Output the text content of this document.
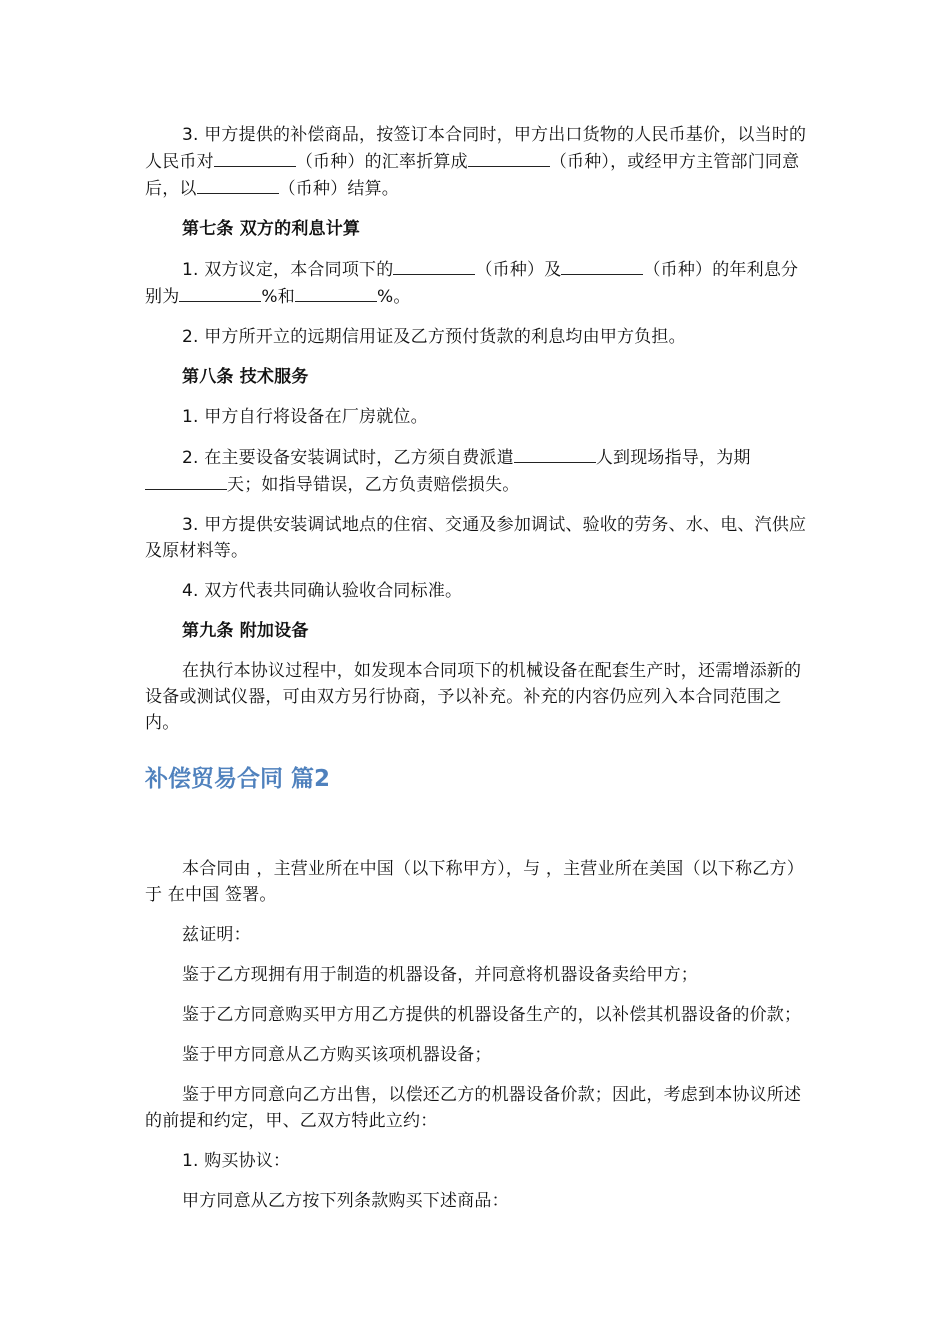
3. 甲方提供的补偿商品，按签订本合同时，甲方出口货物的人民币基价，以当时的人民币对	（币种）的汇率折算成	（币种），或经甲方主管部门同意后，以	（币种）结算。

第七条 双方的利息计算

1. 双方议定，本合同项下的	（币种）及	（币种）的年利息分别为	%和	%。

2. 甲方所开立的远期信用证及乙方预付货款的利息均由甲方负担。

第八条 技术服务

1. 甲方自行将设备在厂房就位。

2. 在主要设备安装调试时，乙方须自费派遣	人到现场指导，为期天；如指导错误，乙方负责赔偿损失。

3. 甲方提供安装调试地点的住宿、交通及参加调试、验收的劳务、水、电、汽供应及原材料等。

4. 双方代表共同确认验收合同标准。

第九条 附加设备

在执行本协议过程中，如发现本合同项下的机械设备在配套生产时，还需增添新的设备或测试仪器，可由双方另行协商，予以补充。补充的内容仍应列入本合同范围之内。

补偿贸易合同 篇2

本合同由 ，主营业所在中国（以下称甲方），与 ，主营业所在美国（以下称乙方）于 在中国 签署。

兹证明：

鉴于乙方现拥有用于制造的机器设备，并同意将机器设备卖给甲方；

鉴于乙方同意购买甲方用乙方提供的机器设备生产的，以补偿其机器设备的价款；

鉴于甲方同意从乙方购买该项机器设备；

鉴于甲方同意向乙方出售，以偿还乙方的机器设备价款；因此，考虑到本协议所述的前提和约定，甲、乙双方特此立约：

1. 购买协议：

甲方同意从乙方按下列条款购买下述商品：
